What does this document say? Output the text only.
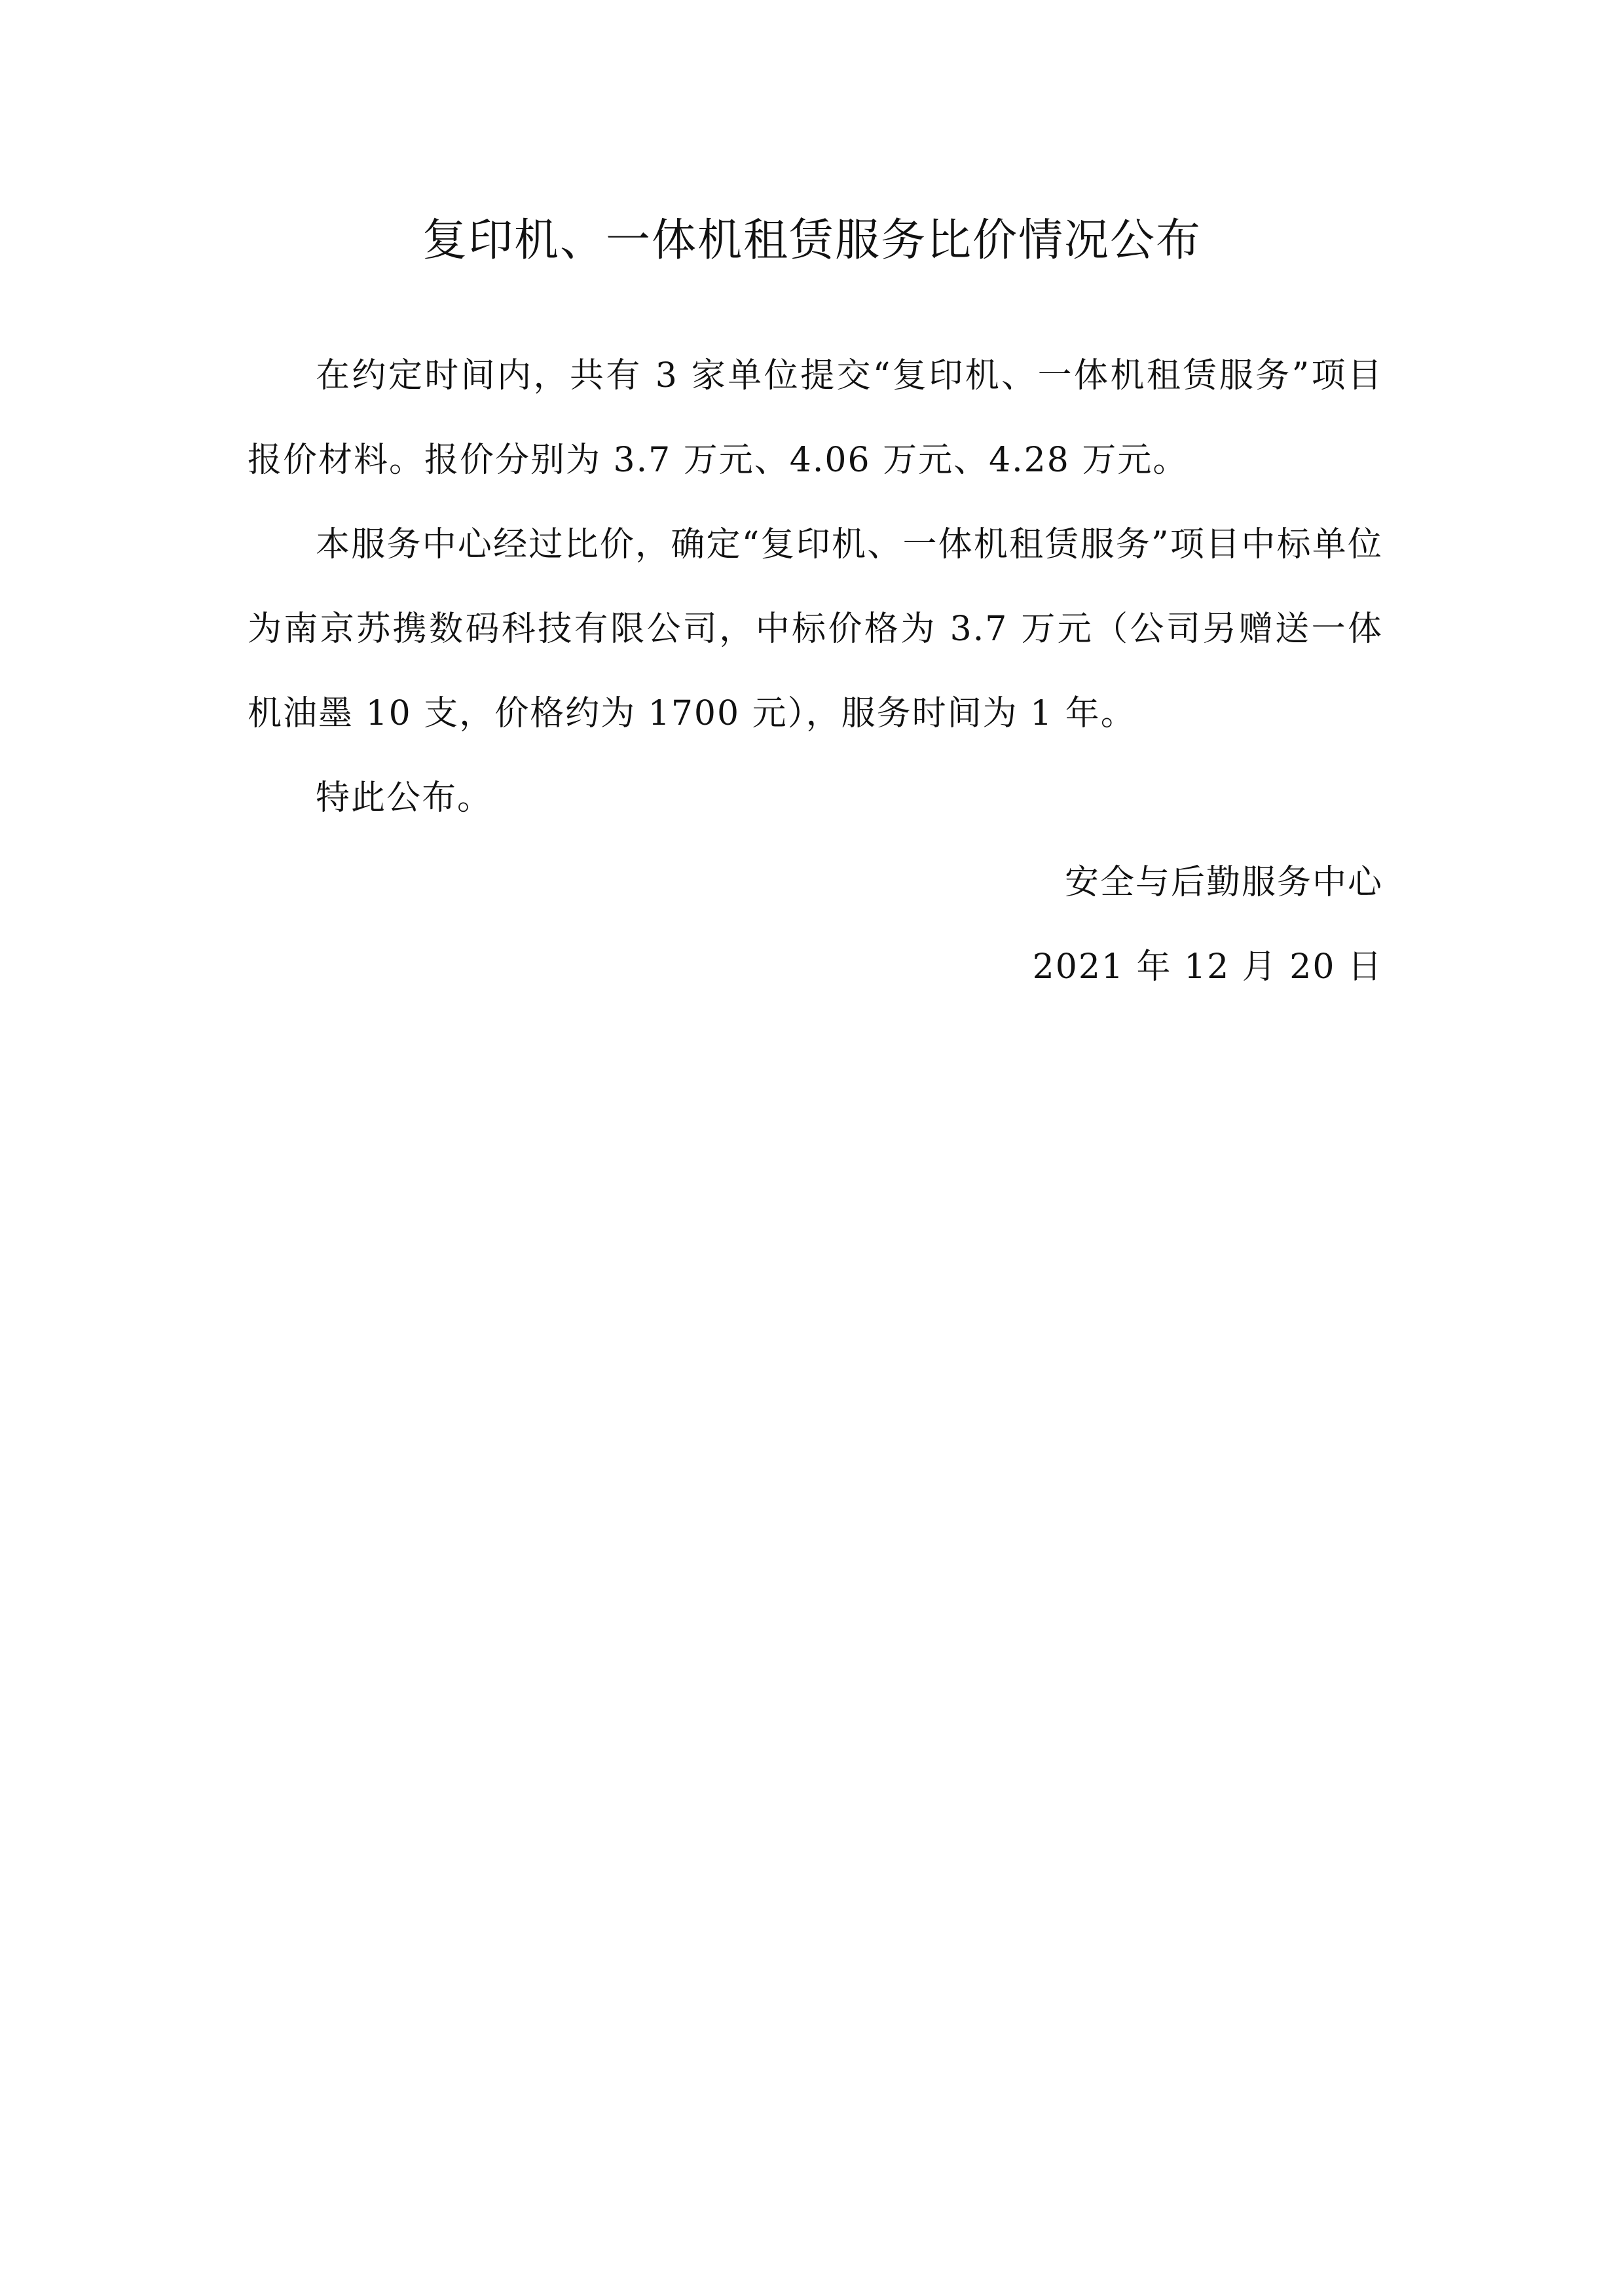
复印机、一体机租赁服务比价情况公布

在约定时间内，共有 3 家单位提交“复印机、一体机租赁服务”项目报价材料。报价分别为 3.7 万元、4.06 万元、4.28 万元。

本服务中心经过比价，确定“复印机、一体机租赁服务”项目中标单位为南京苏携数码科技有限公司，中标价格为 3.7 万元（公司另赠送一体机油墨 10 支，价格约为 1700 元），服务时间为 1 年。

特此公布。

安全与后勤服务中心

2021 年 12 月 20 日
